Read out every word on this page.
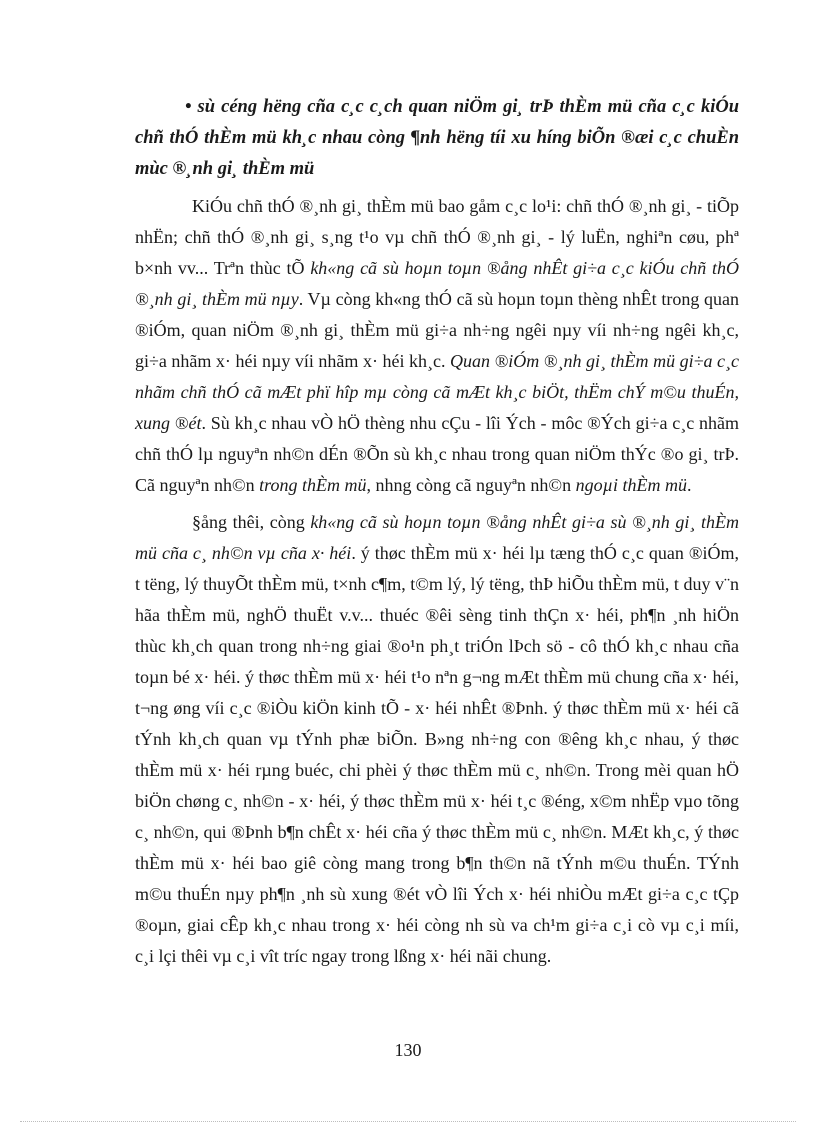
• sù céng hëng cña c¸c c¸ch quan niÖm gi¸ trÞ thÈm mü cña c¸c kiÓu chñ thÓ thÈm mü kh¸c nhau còng ¶nh hëng tíi xu híng biÕn ®æi c¸c chuÈn mùc ®¸nh gi¸ thÈm mü

KiÓu chñ thÓ ®¸nh gi¸ thÈm mü bao gåm c¸c lo¹i: chñ thÓ ®¸nh gi¸ - tiÕp nhËn; chñ thÓ ®¸nh gi¸ s¸ng t¹o vµ chñ thÓ ®¸nh gi¸ - lý luËn, nghiªn cøu, phª b×nh vv... Trªn thùc tÕ kh«ng cã sù hoµn toµn ®ång nhÊt gi÷a c¸c kiÓu chñ thÓ ®¸nh gi¸ thÈm mü nµy. Vµ còng kh«ng thÓ cã sù hoµn toµn thèng nhÊt trong quan ®iÓm, quan niÖm ®¸nh gi¸ thÈm mü gi÷a nh÷ng ngêi nµy víi nh÷ng ngêi kh¸c, gi÷a nhãm x· héi nµy víi nhãm x· héi kh¸c. Quan ®iÓm ®¸nh gi¸ thÈm mü gi÷a c¸c nhãm chñ thÓ cã mÆt phï hîp mµ còng cã mÆt kh¸c biÖt, thËm chÝ m©u thuÉn, xung ®ét. Sù kh¸c nhau vÒ hÖ thèng nhu cÇu - lîi Ých - môc ®Ých gi÷a c¸c nhãm chñ thÓ lµ nguyªn nh©n dÉn ®Õn sù kh¸c nhau trong quan niÖm thÝc ®o gi¸ trÞ. Cã nguyªn nh©n trong thÈm mü, nhng còng cã nguyªn nh©n ngoµi thÈm mü.

§ång thêi, còng kh«ng cã sù hoµn toµn ®ång nhÊt gi÷a sù ®¸nh gi¸ thÈm mü cña c¸ nh©n vµ cña x· héi. ý thøc thÈm mü x· héi lµ tæng thÓ c¸c quan ®iÓm, t tëng, lý thuyÕt thÈm mü, t×nh c¶m, t©m lý, lý tëng, thÞ hiÕu thÈm mü, t duy v¨n hãa thÈm mü, nghÖ thuËt v.v... thuéc ®êi sèng tinh thÇn x· héi, ph¶n ¸nh hiÖn thùc kh¸ch quan trong nh÷ng giai ®o¹n ph¸t triÓn lÞch sö - cô thÓ kh¸c nhau cña toµn bé x· héi. ý thøc thÈm mü x· héi t¹o nªn g¬ng mÆt thÈm mü chung cña x· héi, t¬ng øng víi c¸c ®iÒu kiÖn kinh tÕ - x· héi nhÊt ®Þnh. ý thøc thÈm mü x· héi cã tÝnh kh¸ch quan vµ tÝnh phæ biÕn. B»ng nh÷ng con ®êng kh¸c nhau, ý thøc thÈm mü x· héi rµng buéc, chi phèi ý thøc thÈm mü c¸ nh©n. Trong mèi quan hÖ biÖn chøng c¸ nh©n - x· héi, ý thøc thÈm mü x· héi t¸c ®éng, x©m nhËp vµo tõng c¸ nh©n, qui ®Þnh b¶n chÊt x· héi cña ý thøc thÈm mü c¸ nh©n. MÆt kh¸c, ý thøc thÈm mü x· héi bao giê còng mang trong b¶n th©n nã tÝnh m©u thuÉn. TÝnh m©u thuÉn nµy ph¶n ¸nh sù xung ®ét vÒ lîi Ých x· héi nhiÒu mÆt gi÷a c¸c tÇp ®oµn, giai cÊp kh¸c nhau trong x· héi còng nh sù va ch¹m gi÷a c¸i cò vµ c¸i míi, c¸i lçi thêi vµ c¸i vît tríc ngay trong lßng x· héi nãi chung.

130
